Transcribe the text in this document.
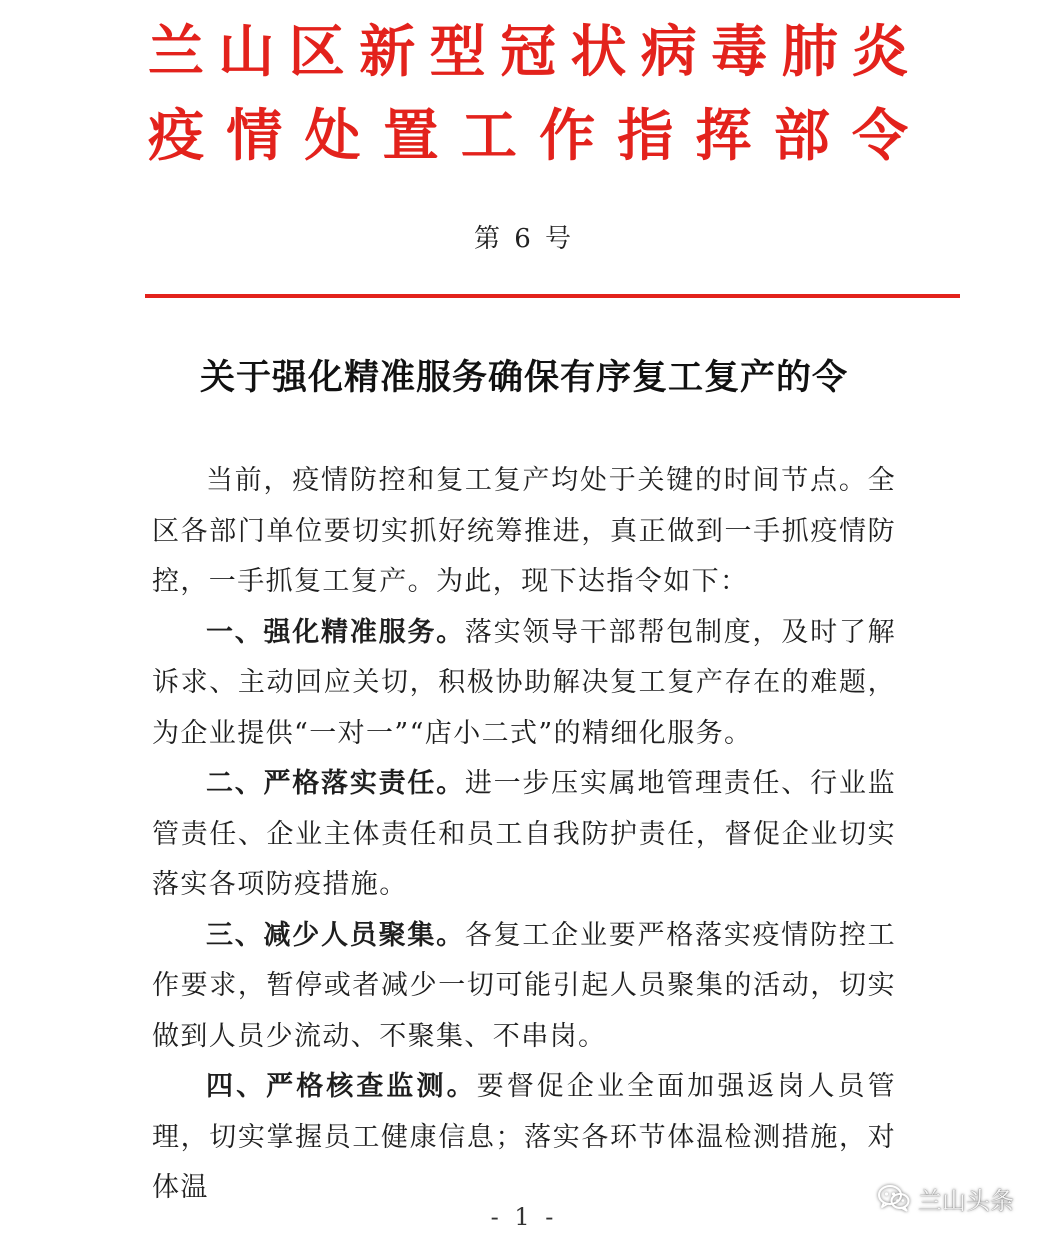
兰山区新型冠状病毒肺炎
疫情处置工作指挥部令
第 6 号
关于强化精准服务确保有序复工复产的令

当前，疫情防控和复工复产均处于关键的时间节点。全区各部门单位要切实抓好统筹推进，真正做到一手抓疫情防控，一手抓复工复产。为此，现下达指令如下：

一、强化精准服务。落实领导干部帮包制度，及时了解诉求、主动回应关切，积极协助解决复工复产存在的难题，为企业提供“一对一”“店小二式”的精细化服务。

二、严格落实责任。进一步压实属地管理责任、行业监管责任、企业主体责任和员工自我防护责任，督促企业切实落实各项防疫措施。

三、减少人员聚集。各复工企业要严格落实疫情防控工作要求，暂停或者减少一切可能引起人员聚集的活动，切实做到人员少流动、不聚集、不串岗。

四、严格核查监测。要督促企业全面加强返岗人员管理，切实掌握员工健康信息；落实各环节体温检测措施，对体温

- 1 -
兰山头条
